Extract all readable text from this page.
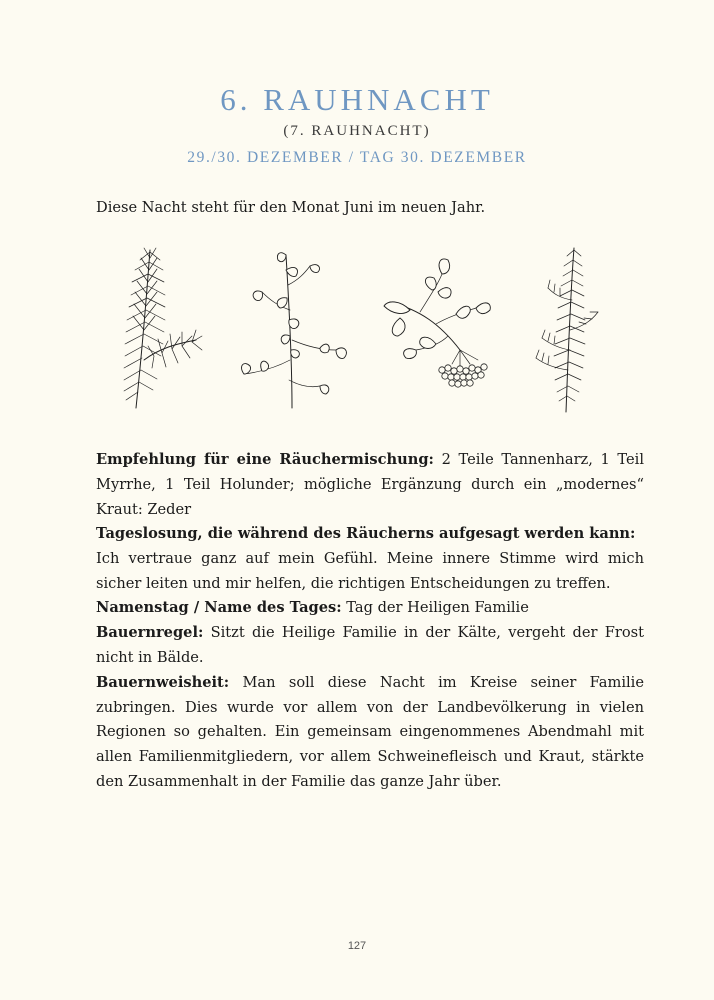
6. RAUHNACHT
(7. RAUHNACHT)
29./30. DEZEMBER / TAG 30. DEZEMBER
Diese Nacht steht für den Monat Juni im neuen Jahr.

Empfehlung für eine Räuchermischung: 2 Teile Tannenharz, 1 Teil Myrrhe, 1 Teil Holunder; mögliche Ergänzung durch ein „modernes“ Kraut: Zeder

Tageslosung, die während des Räucherns aufgesagt werden kann:
Ich vertraue ganz auf mein Gefühl. Meine innere Stimme wird mich sicher leiten und mir helfen, die richtigen Entscheidungen zu treffen.

Namenstag / Name des Tages: Tag der Heiligen Familie

Bauernregel: Sitzt die Heilige Familie in der Kälte, vergeht der Frost nicht in Bälde.

Bauernweisheit: Man soll diese Nacht im Kreise seiner Familie zubringen. Dies wurde vor allem von der Landbevölkerung in vielen Regionen so gehalten. Ein gemeinsam eingenommenes Abendmahl mit allen Familienmitgliedern, vor allem Schweinefleisch und Kraut, stärkte den Zusammenhalt in der Familie das ganze Jahr über.

127
